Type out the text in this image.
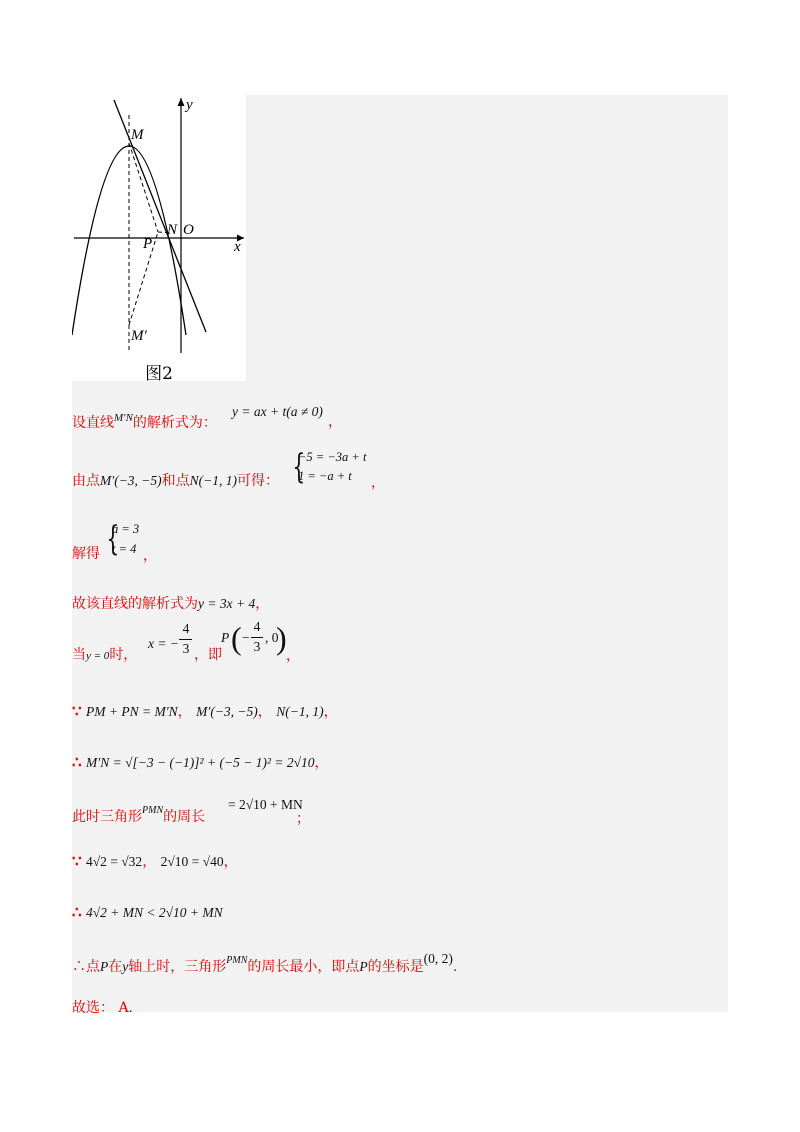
y
x
M
N O
P
M′
图2
设直线$^{M'N}$的解析式为：
y = ax + t(a ≠ 0)
，
由点M′(−3, −5)和点N(−1, 1)可得： {
−5 = −3a + t
1 = −a + t ，
解得 {
a = 3
t = 4 ，
故该直线的解析式为y = 3x + 4，
当y = 0时，
x = −
4
3 ，即
P ( −
4
3
, 0
) ，
∵ PM + PN = M′N， M′(−3, −5)， N(−1, 1)，
∴ M′N = √[−3 − (−1)]² + (−5 − 1)² = 2√10，
此时三角形$^{PMN}$的周长
= 2√10 + MN
；
∵ 4√2 = √32， 2√10 = √40，
∴ 4√2 + MN < 2√10 + MN
∴点P在y轴上时，三角形$^{PMN}$的周长最小，即点P的坐标是(0, 2).
故选： A.
